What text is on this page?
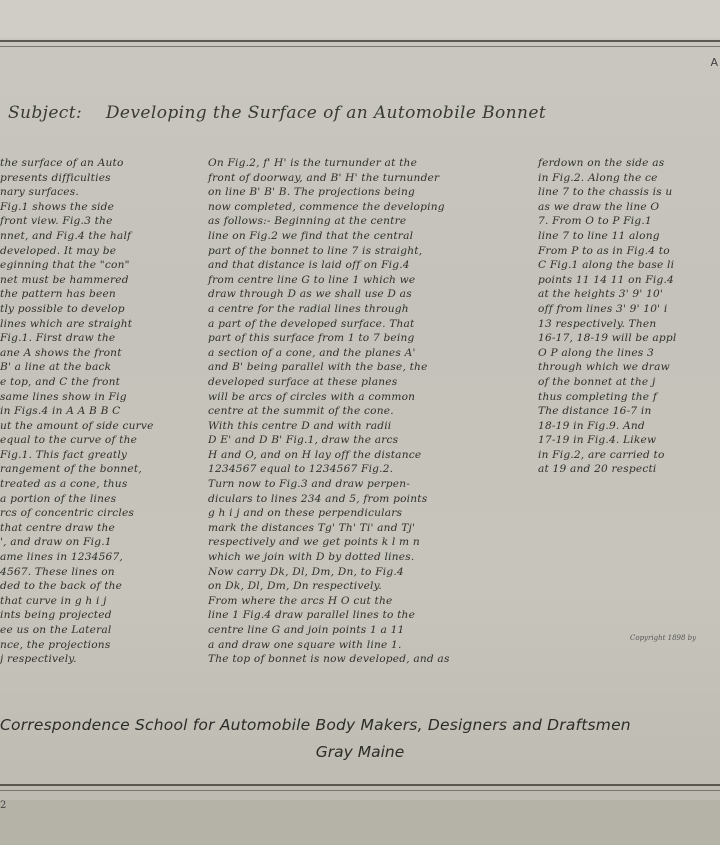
A
Subject: Developing the Surface of an Automobile Bonnet
the surface of an Auto
presents difficulties
nary surfaces.
Fig.1 shows the side
front view. Fig.3 the
nnet, and Fig.4 the half
developed. It may be
eginning that the "con"
net must be hammered
the pattern has been
tly possible to develop
lines which are straight
Fig.1. First draw the
ane A shows the front
B' a line at the back
e top, and C the front
same lines show in Fig
in Figs.4 in A A B B C
ut the amount of side curve
equal to the curve of the
Fig.1. This fact greatly
rangement of the bonnet,
treated as a cone, thus
a portion of the lines
rcs of concentric circles
that centre draw the
', and draw on Fig.1
ame lines in 1234567,
4567. These lines on
ded to the back of the
that curve in g h i j
ints being projected
ee us on the Lateral
nce, the projections
j respectively.
On Fig.2, f' H' is the turnunder at the
front of doorway, and B' H' the turnunder
on line B' B' B. The projections being
now completed, commence the developing
as follows:- Beginning at the centre
line on Fig.2 we find that the central
part of the bonnet to line 7 is straight,
and that distance is laid off on Fig.4
from centre line G to line 1 which we
draw through D as we shall use D as
a centre for the radial lines through
a part of the developed surface. That
part of this surface from 1 to 7 being
a section of a cone, and the planes A'
and B' being parallel with the base, the
developed surface at these planes
will be arcs of circles with a common
centre at the summit of the cone.
With this centre D and with radii
D E' and D B' Fig.1, draw the arcs
H and O, and on H lay off the distance
1234567 equal to 1234567 Fig.2.
Turn now to Fig.3 and draw perpen-
diculars to lines 234 and 5, from points
g h i j and on these perpendiculars
mark the distances Tg' Th' Ti' and Tj'
respectively and we get points k l m n
which we join with D by dotted lines.
Now carry Dk, Dl, Dm, Dn, to Fig.4
on Dk, Dl, Dm, Dn respectively.
From where the arcs H O cut the
line 1 Fig.4 draw parallel lines to the
centre line G and join points 1 a 11
a and draw one square with line 1.
The top of bonnet is now developed, and as
ferdown on the side as
in Fig.2. Along the ce
line 7 to the chassis is u
as we draw the line O
7. From O to P Fig.1
line 7 to line 11 along
From P to as in Fig.4 to
C Fig.1 along the base li
points 11 14 11 on Fig.4
at the heights 3' 9' 10'
off from lines 3' 9' 10' i
13 respectively. Then
16-17, 18-19 will be appl
O P along the lines 3
through which we draw
of the bonnet at the j
thus completing the f
The distance 16-7 in
18-19 in Fig.9. And
17-19 in Fig.4. Likew
in Fig.2, are carried to
at 19 and 20 respecti
Copyright 1898 by
Correspondence School for Automobile Body Makers, Designers and Draftsmen
Gray Maine
2
